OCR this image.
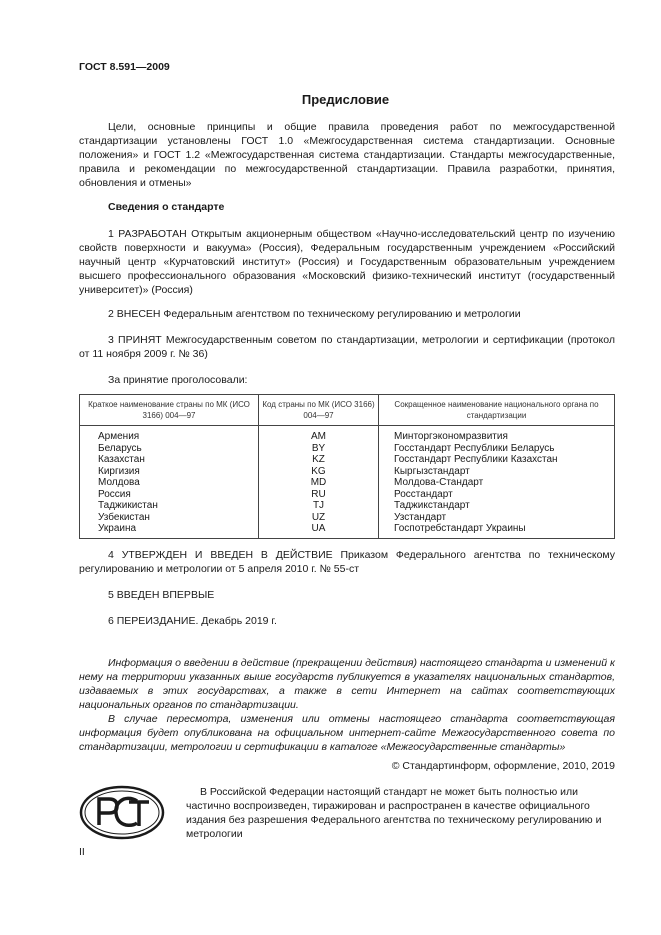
ГОСТ 8.591—2009
Предисловие

Цели, основные принципы и общие правила проведения работ по межгосударственной стандартизации установлены ГОСТ 1.0 «Межгосударственная система стандартизации. Основные положения» и ГОСТ 1.2 «Межгосударственная система стандартизации. Стандарты межгосударственные, правила и рекомендации по межгосударственной стандартизации. Правила разработки, принятия, обновления и отмены»

Сведения о стандарте

1 РАЗРАБОТАН Открытым акционерным обществом «Научно-исследовательский центр по изучению свойств поверхности и вакуума» (Россия), Федеральным государственным учреждением «Российский научный центр «Курчатовский институт» (Россия) и Государственным образовательным учреждением высшего профессионального образования «Московский физико-технический институт (государственный университет)» (Россия)

2 ВНЕСЕН Федеральным агентством по техническому регулированию и метрологии

3 ПРИНЯТ Межгосударственным советом по стандартизации, метрологии и сертификации (протокол от 11 ноября 2009 г. № 36)

За принятие проголосовали:
Краткое наименование страны по МК (ИСО 3166) 004—97	Код страны по МК (ИСО 3166) 004—97	Сокращенное наименование национального органа по стандартизации
Армения	AM	Минторгэкономразвития
Беларусь	BY	Госстандарт Республики Беларусь
Казахстан	KZ	Госстандарт Республики Казахстан
Киргизия	KG	Кыргызстандарт
Молдова	MD	Молдова-Стандарт
Россия	RU	Росстандарт
Таджикистан	TJ	Таджикстандарт
Узбекистан	UZ	Узстандарт
Украина	UA	Госпотребстандарт Украины

4 УТВЕРЖДЕН И ВВЕДЕН В ДЕЙСТВИЕ Приказом Федерального агентства по техническому регулированию и метрологии от 5 апреля 2010 г. № 55-ст

5 ВВЕДЕН ВПЕРВЫЕ

6 ПЕРЕИЗДАНИЕ. Декабрь 2019 г.

Информация о введении в действие (прекращении действия) настоящего стандарта и изменений к нему на территории указанных выше государств публикуется в указателях национальных стандартов, издаваемых в этих государствах, а также в сети Интернет на сайтах соответствующих национальных органов по стандартизации.

В случае пересмотра, изменения или отмены настоящего стандарта соответствующая информация будет опубликована на официальном интернет-сайте Межгосударственного совета по стандартизации, метрологии и сертификации в каталоге «Межгосударственные стандарты»

© Стандартинформ, оформление, 2010, 2019

В Российской Федерации настоящий стандарт не может быть полностью или частично воспроизведен, тиражирован и распространен в качестве официального издания без разрешения Федерального агентства по техническому регулированию и метрологии

II
